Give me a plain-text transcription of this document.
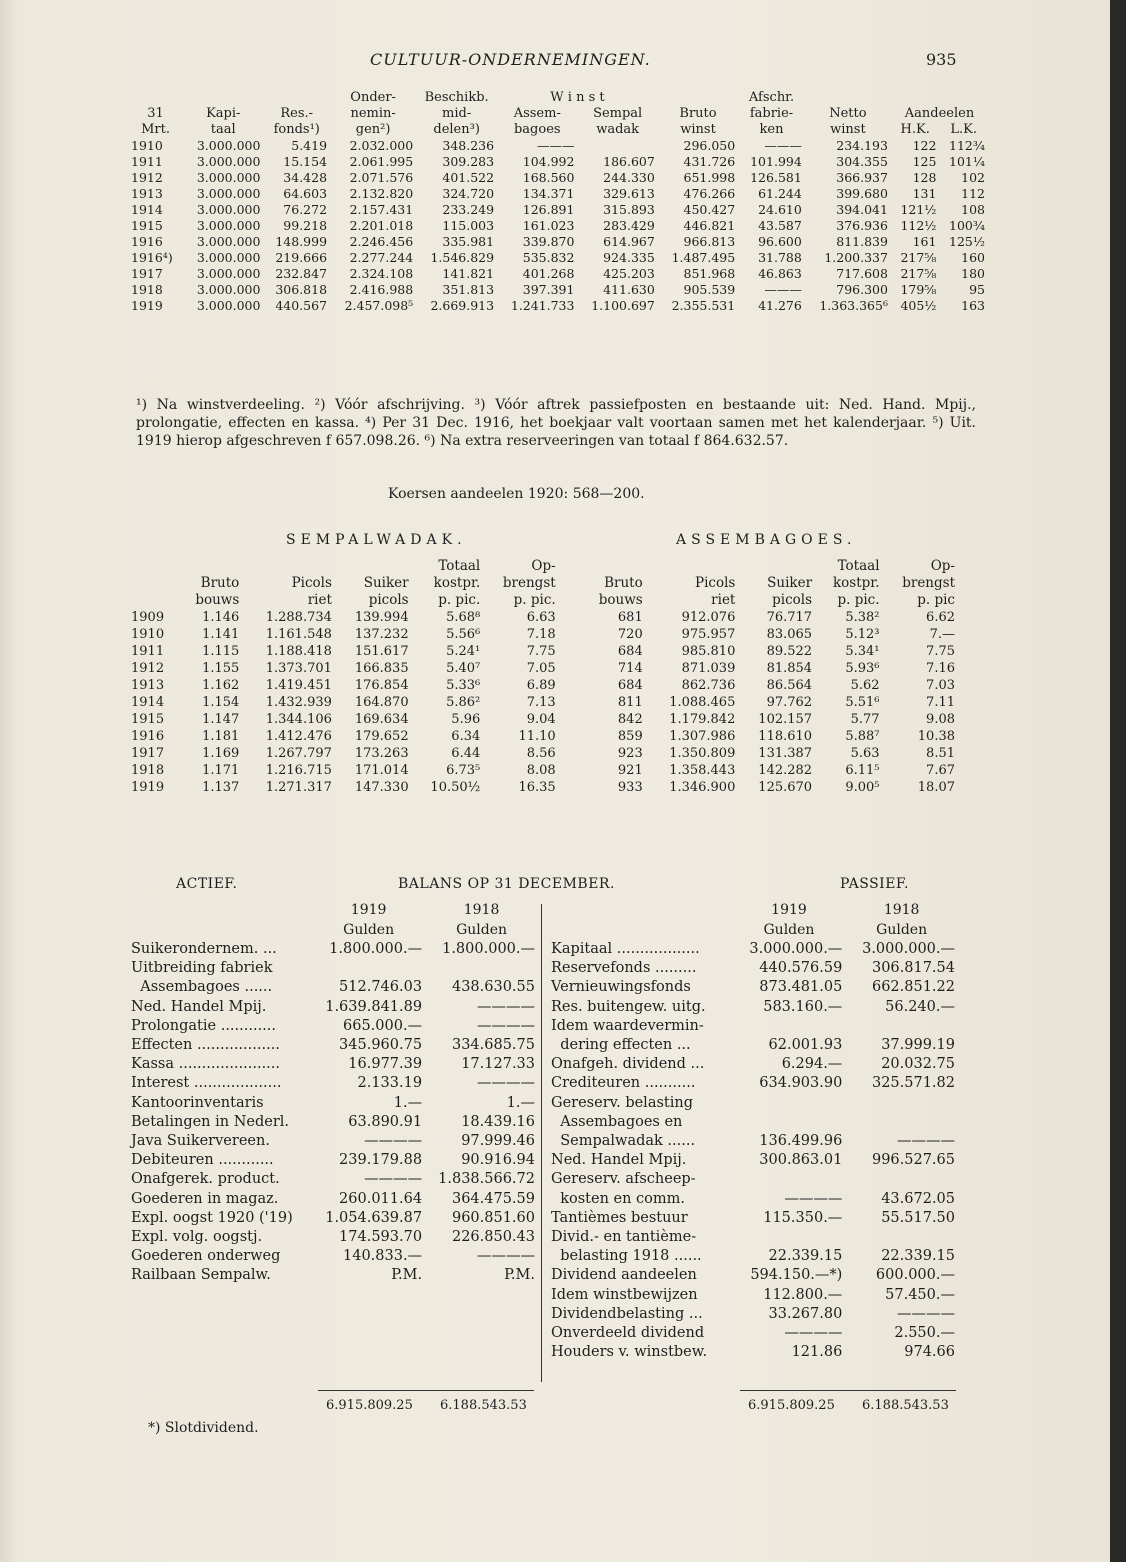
CULTUUR-ONDERNEMINGEN.	935
			Onder-	Beschikb.	W i n s t			Afschr.			
31	Kapi-	Res.-	nemin-	mid-	Assem-	Sempal	Bruto	fabrie-	Netto	Aandeelen	
Mrt.	taal	fonds¹)	gen²)	delen³)	bagoes	wadak	winst	ken	winst	H.K.	L.K.
1910	3.000.000	5.419	2.032.000	348.236	———		296.050	———	234.193	122	112¾
1911	3.000.000	15.154	2.061.995	309.283	104.992	186.607	431.726	101.994	304.355	125	101¼
1912	3.000.000	34.428	2.071.576	401.522	168.560	244.330	651.998	126.581	366.937	128	102
1913	3.000.000	64.603	2.132.820	324.720	134.371	329.613	476.266	61.244	399.680	131	112
1914	3.000.000	76.272	2.157.431	233.249	126.891	315.893	450.427	24.610	394.041	121½	108
1915	3.000.000	99.218	2.201.018	115.003	161.023	283.429	446.821	43.587	376.936	112½	100¾
1916	3.000.000	148.999	2.246.456	335.981	339.870	614.967	966.813	96.600	811.839	161	125½
1916⁴)	3.000.000	219.666	2.277.244	1.546.829	535.832	924.335	1.487.495	31.788	1.200.337	217⅝	160
1917	3.000.000	232.847	2.324.108	141.821	401.268	425.203	851.968	46.863	717.608	217⅝	180
1918	3.000.000	306.818	2.416.988	351.813	397.391	411.630	905.539	———	796.300	179⅝	95
1919	3.000.000	440.567	2.457.098⁵	2.669.913	1.241.733	1.100.697	2.355.531	41.276	1.363.365⁶	405½	163
¹) Na winstverdeeling. ²) Vóór afschrijving. ³) Vóór aftrek passiefposten en bestaande uit: Ned. Hand. Mpij., prolongatie, effecten en kassa. ⁴) Per 31 Dec. 1916, het boekjaar valt voortaan samen met het kalenderjaar. ⁵) Uit. 1919 hierop afgeschreven f 657.098.26. ⁶) Na extra reserveeringen van totaal f 864.632.57.
Koersen aandeelen 1920: 568—200.
SEMPALWADAK.	ASSEMBAGOES.
				Totaal	Op-				Totaal	Op-
	Bruto	Picols	Suiker	kostpr.	brengst	Bruto	Picols	Suiker	kostpr.	brengst
	bouws	riet	picols	p. pic.	p. pic.	bouws	riet	picols	p. pic.	p. pic
1909	1.146	1.288.734	139.994	5.68⁸	6.63	681	912.076	76.717	5.38²	6.62
1910	1.141	1.161.548	137.232	5.56⁶	7.18	720	975.957	83.065	5.12³	7.—
1911	1.115	1.188.418	151.617	5.24¹	7.75	684	985.810	89.522	5.34¹	7.75
1912	1.155	1.373.701	166.835	5.40⁷	7.05	714	871.039	81.854	5.93⁶	7.16
1913	1.162	1.419.451	176.854	5.33⁶	6.89	684	862.736	86.564	5.62	7.03
1914	1.154	1.432.939	164.870	5.86²	7.13	811	1.088.465	97.762	5.51⁶	7.11
1915	1.147	1.344.106	169.634	5.96	9.04	842	1.179.842	102.157	5.77	9.08
1916	1.181	1.412.476	179.652	6.34	11.10	859	1.307.986	118.610	5.88⁷	10.38
1917	1.169	1.267.797	173.263	6.44	8.56	923	1.350.809	131.387	5.63	8.51
1918	1.171	1.216.715	171.014	6.73⁵	8.08	921	1.358.443	142.282	6.11⁵	7.67
1919	1.137	1.271.317	147.330	10.50½	16.35	933	1.346.900	125.670	9.00⁵	18.07
ACTIEF.	BALANS OP 31 DECEMBER.	PASSIEF.
	1919	1918
	Gulden	Gulden
Suikerondernem. ...	1.800.000.—	1.800.000.—
Uitbreiding fabriek		
Assembagoes ......	512.746.03	438.630.55
Ned. Handel Mpij.	1.639.841.89	————
Prolongatie ............	665.000.—	————
Effecten ..................	345.960.75	334.685.75
Kassa ......................	16.977.39	17.127.33
Interest ...................	2.133.19	————
Kantoorinventaris	1.—	1.—
Betalingen in Nederl.	63.890.91	18.439.16
Java Suikervereen.	————	97.999.46
Debiteuren ............	239.179.88	90.916.94
Onafgerek. product.	————	1.838.566.72
Goederen in magaz.	260.011.64	364.475.59
Expl. oogst 1920 ('19)	1.054.639.87	960.851.60
Expl. volg. oogstj.	174.593.70	226.850.43
Goederen onderweg	140.833.—	————
Railbaan Sempalw.	P.M.	P.M.
	1919	1918
	Gulden	Gulden
Kapitaal ..................	3.000.000.—	3.000.000.—
Reservefonds .........	440.576.59	306.817.54
Vernieuwingsfonds	873.481.05	662.851.22
Res. buitengew. uitg.	583.160.—	56.240.—
Idem waardevermin-		
dering effecten ...	62.001.93	37.999.19
Onafgeh. dividend ...	6.294.—	20.032.75
Crediteuren ...........	634.903.90	325.571.82
Gereserv. belasting		
Assembagoes en		
Sempalwadak ......	136.499.96	————
Ned. Handel Mpij.	300.863.01	996.527.65
Gereserv. afscheep-		
kosten en comm.	————	43.672.05
Tantièmes bestuur	115.350.—	55.517.50
Divid.- en tantième-		
belasting 1918 ......	22.339.15	22.339.15
Dividend aandeelen	594.150.—*)	600.000.—
Idem winstbewijzen	112.800.—	57.450.—
Dividendbelasting ...	33.267.80	————
Onverdeeld dividend	————	2.550.—
Houders v. winstbew.	121.86	974.66
6.915.809.25 6.188.543.53	6.915.809.25 6.188.543.53
*) Slotdividend.
